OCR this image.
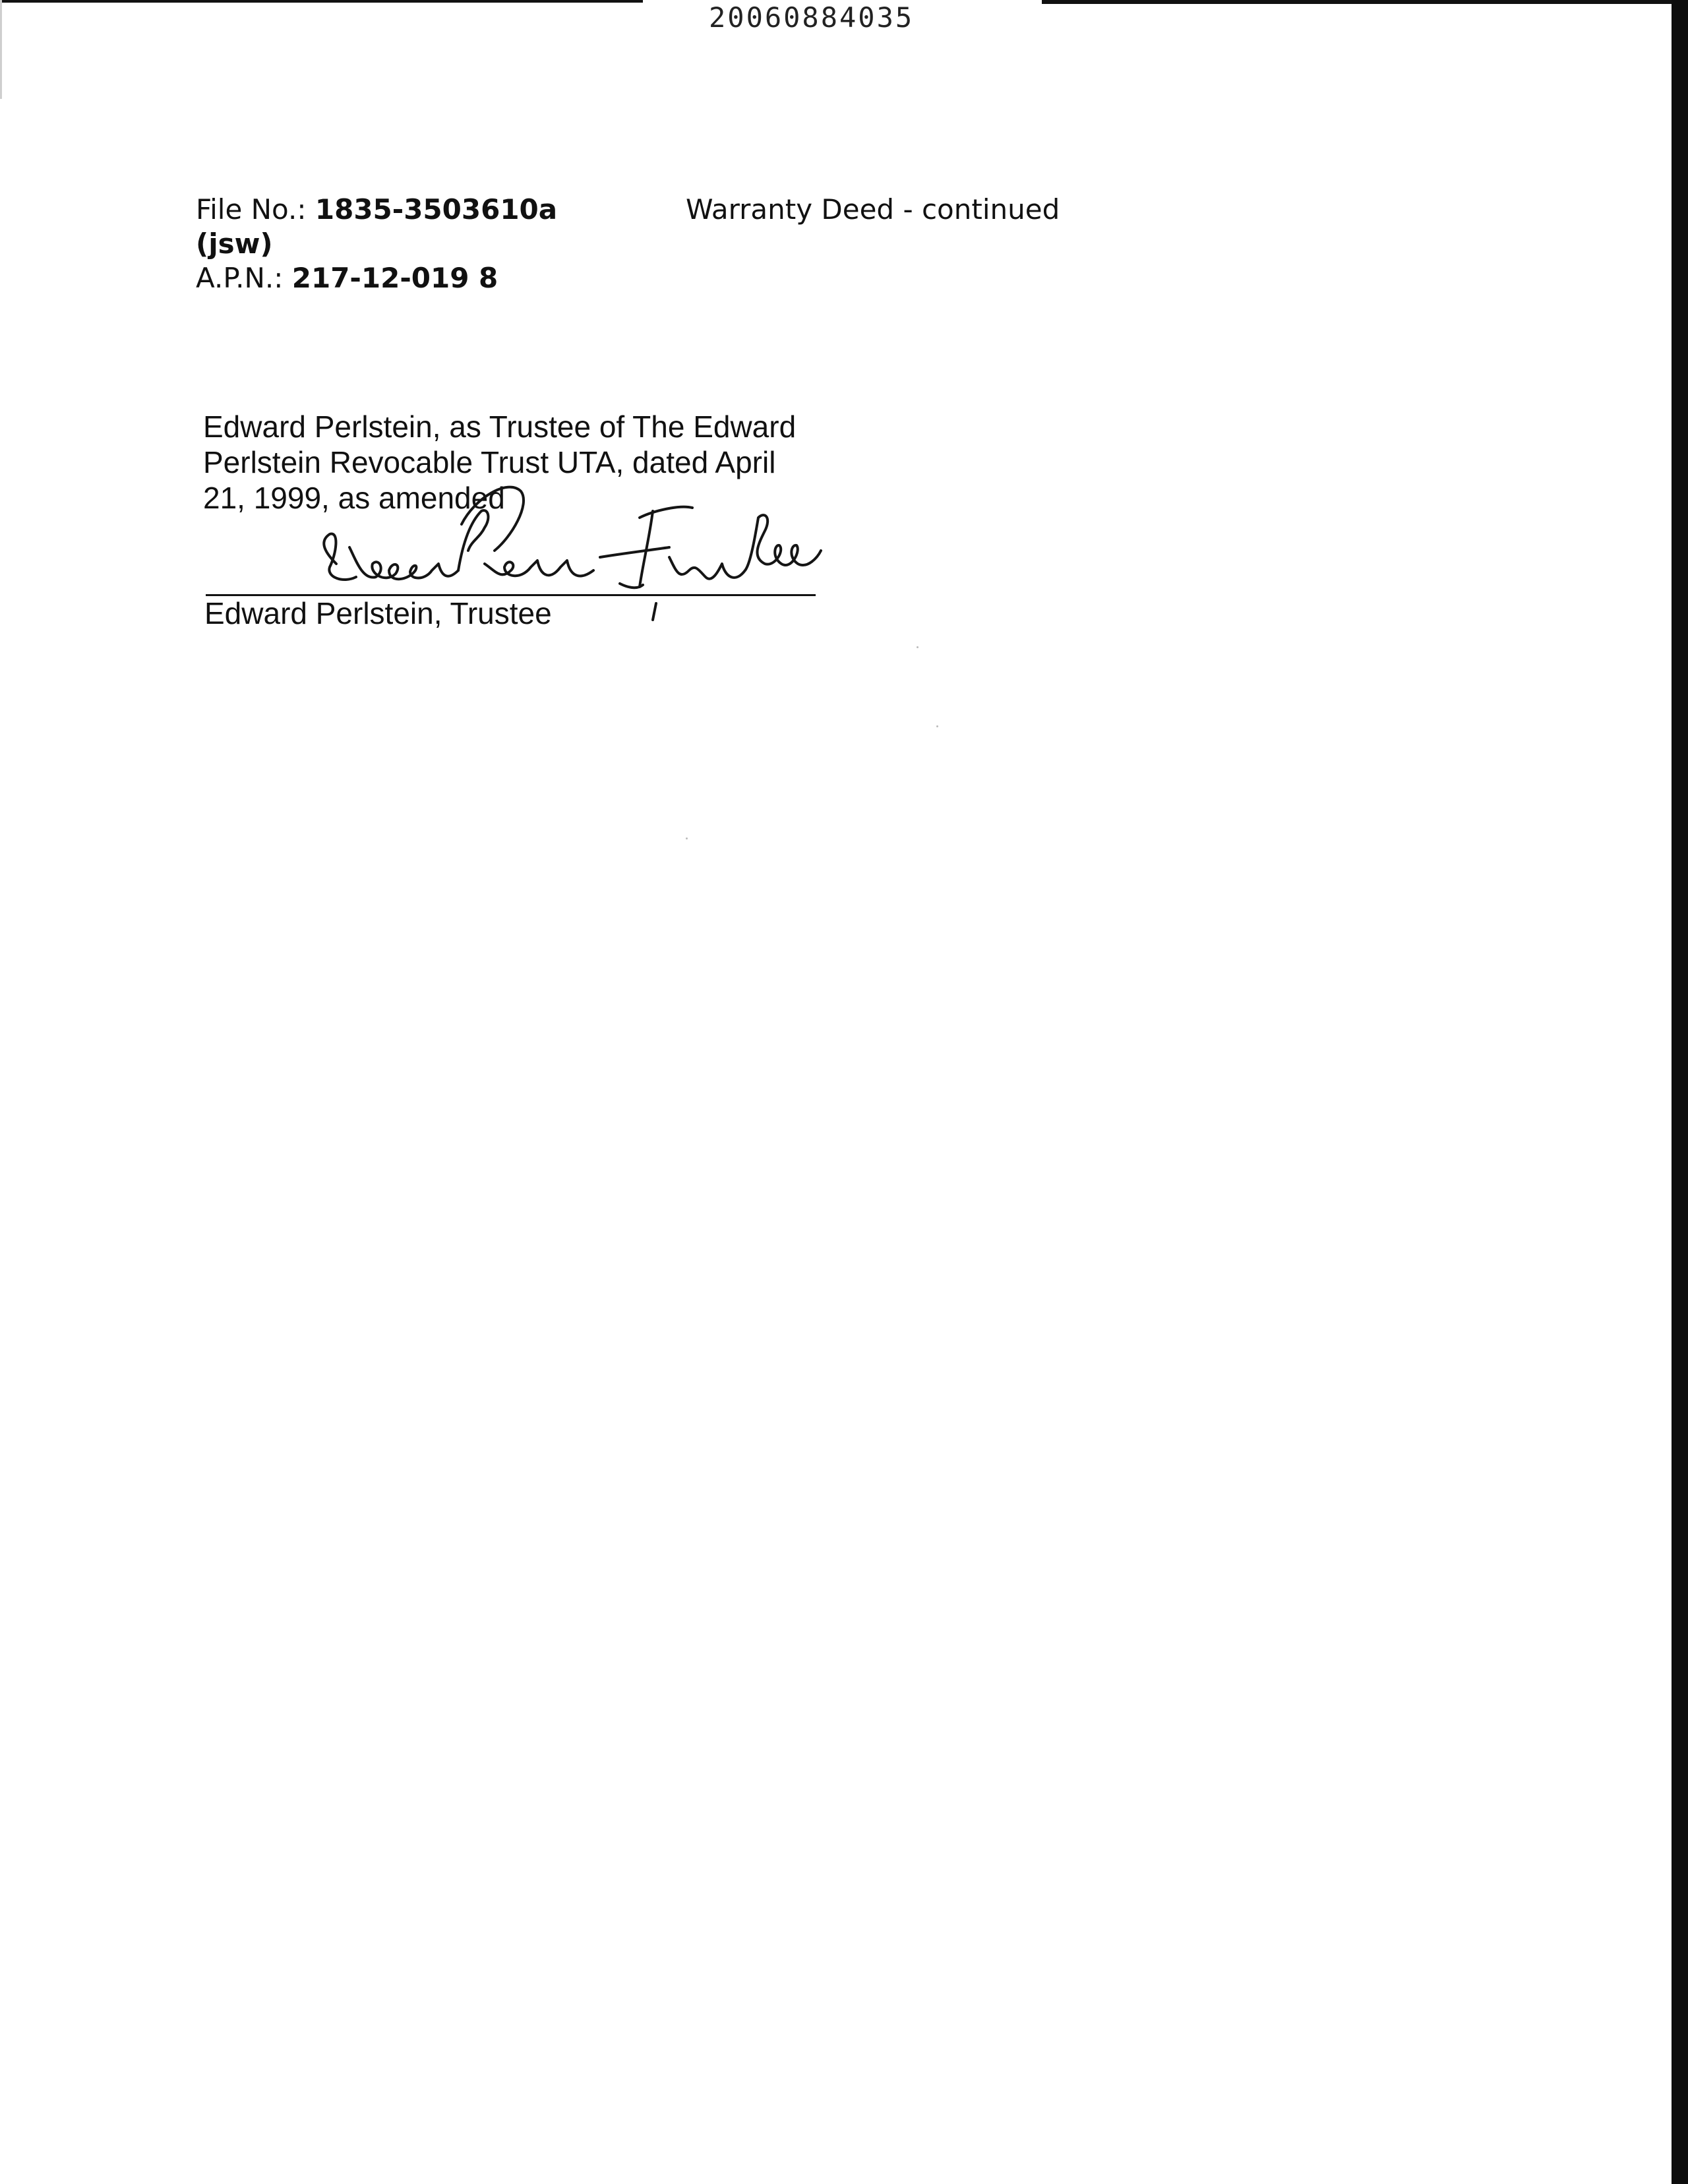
20060884035
File No.: 1835-3503610a
(jsw)
A.P.N.: 217-12-019 8
Warranty Deed - continued
Edward Perlstein, as Trustee of The Edward
Perlstein Revocable Trust UTA, dated April
21, 1999, as amended
Edward Perlstein, Trustee
